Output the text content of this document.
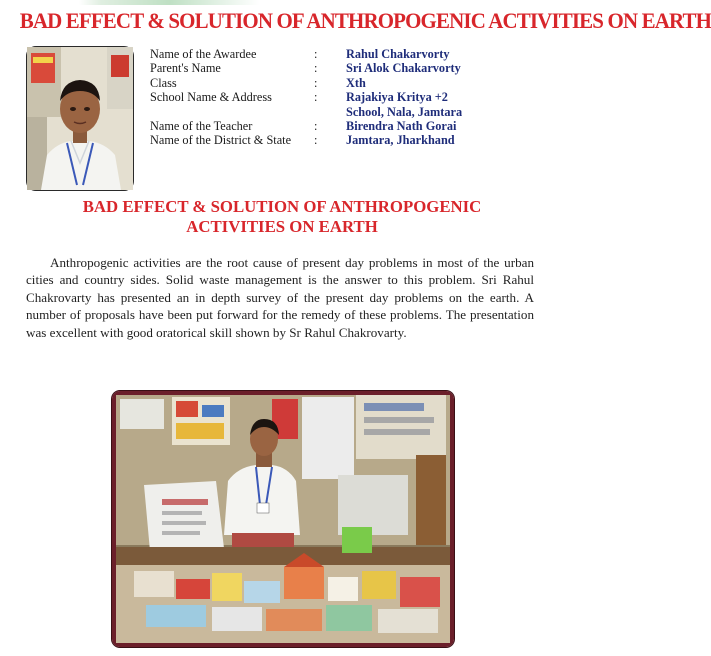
BAD EFFECT & SOLUTION OF ANTHROPOGENIC ACTIVITIES ON EARTH
Name of the Awardee	:	Rahul Chakarvorty
Parent's Name	:	Sri Alok Chakarvorty
Class	:	Xth
School Name & Address	:	Rajakiya Kritya +2 School, Nala, Jamtara
Name of the Teacher	:	Birendra Nath Gorai
Name of the District & State	:	Jamtara, Jharkhand
BAD EFFECT & SOLUTION OF ANTHROPOGENIC
ACTIVITIES ON EARTH
Anthropogenic activities are the root cause of present day problems in most of the urban cities and country sides. Solid waste management is the answer to this problem. Sri Rahul Chakrovarty has presented an in depth survey of the present day problems on the earth. A number of proposals have been put forward for the remedy of these problems. The presentation was excellent with good oratorical skill shown by Sr Rahul Chakrovarty.
